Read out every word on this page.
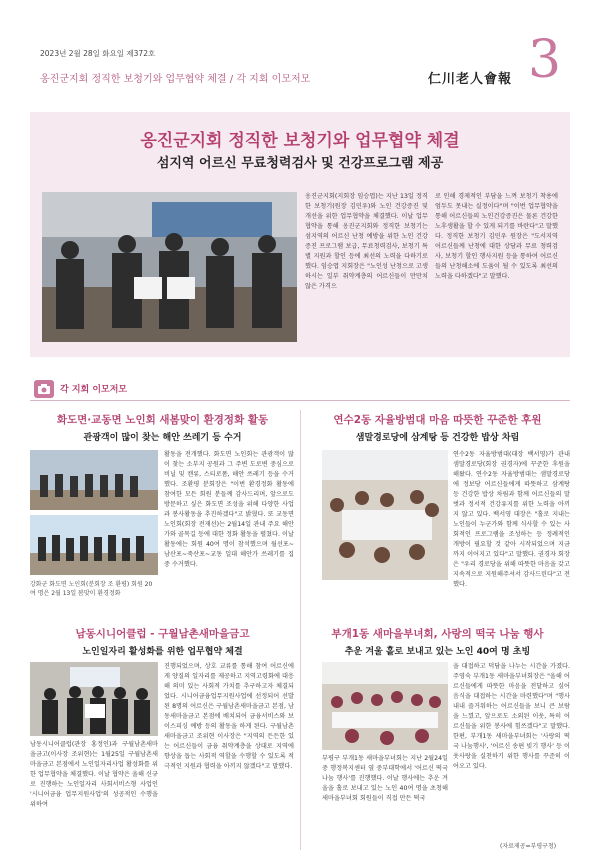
2023년 2월 28일 화요일 제372호
옹진군지회 정직한 보청기와 업무협약 체결 / 각 지회 이모저모	仁川老人會報 3
옹진군지회 정직한 보청기와 업무협약 체결
섬지역 어르신 무료청력검사 및 건강프로그램 제공
옹진군지회(지회장 임승엽)는 지난 13일 정직한 보청기(원장 김민우)와 노인 건강증진 및 개선을 위한 업무협약을 체결했다. 이날 업무협약을 통해 옹진군지회와 정직한 보청기는 섬지역의 어르신 난청 예방을 위한 노인 건강증진 프로그램 보급, 무료청력검사, 보청기 특별 지원과 할인 등에 최선의 노력을 다하기로 했다. 임승엽 지회장은 "노인성 난청으로 고생하시는 일부 취약계층의 어르신들이 만만치 않은 가격으
로 인해 경제적인 부담을 느껴 보청기 착용에 엄두도 못내는 실정이다"며 "이번 업무협약을 통해 어르신들의 노인건강증진은 물론 건강한 노후생활을 할 수 있게 되기를 바란다"고 말했다. 정직한 보청기 김민우 원장은 "도서지역 어르신들께 난청에 대한 상담과 무료 청력검사, 보청기 할인 행사지원 등을 통하여 어르신들의 난청해소에 도움이 될 수 있도록 최선의 노력을 다하겠다"고 말했다.
각 지회 이모저모
화도면·교동면 노인회 새봄맞이 환경정화 활동
관광객이 많이 찾는 해안 쓰레기 등 수거
강화군 화도면 노인회(분회장 조 환평) 회원 20여 명은 2월 13일 봄맞이 환경정화
활동을 전개했다. 화도면 노인회는 관광객이 많이 찾는 소부지 공원과 그 주변 도로변 중심으로 비닐 및 캔류, 스티로폼, 해안 쓰레기 등을 수거했다. 조환평 분회장은 "이번 환경정화 활동에 참여한 모든 회원 분들께 감사드리며, 앞으로도 방문하고 싶은 화도면 조성을 위해 다양한 사업과 봉사활동을 추진하겠다"고 밝혔다. 또 교동면 노인회(회장 전재선)는 2월14일 관내 주요 해안가와 골목길 등에 대한 정화 활동을 펼쳤다. 이날 활동에는 회원 40여 명이 참석했으며 월선포~남산포~죽산포~교동 일대 해안가 쓰레기를 집중 수거했다.
연수2동 자율방범대 마음 따뜻한 꾸준한 후원
샘말경로당에 삼계탕 등 건강한 밥상 차림
연수2동 자율방범대(대장 백서영)가 관내 샘말경로당(회장 권경자)에 꾸준한 후원을 해왔다. 연수2동 자율방범대는 샘말경로당에 정보당 어르신들에게 따뜻하고 삼계탕 등 건강한 밥상 차림과 함께 어르신들의 말벗과 정서적 건강유지를 위한 노력을 아끼지 않고 있다. 백서영 대장은 "홀로 지내는 노인들이 누군가와 함께 식사할 수 있는 사회적인 프로그램을 조성하는 등 정례적인 개방이 필요할 것 같아 시작되었으며 지금까지 이어지고 있다"고 말했다. 권경자 회장은 "우리 경로당을 위해 따뜻한 마음을 갖고 지속적으로 지원해주셔서 감사드린다"고 전했다.
남동시니어클럽 - 구월남촌새마을금고
노인일자리 활성화를 위한 업무협약 체결
남동시니어클럽(관장 홍정인)과 구월남촌새마을금고(이사장 조위현)는 1월25일 구월남촌새마을금고 본점에서 노인일자리사업 활성화를 위한 업무협약을 체결했다. 이날 협약은 올해 신규로 진행하는 노인일자리 사회서비스형 사업인 '시니어금융 업무지원사업'의 성공적인 수행을 위하여
진행되었으며, 상호 교류를 통해 참여 어르신에게 양질의 일자리를 제공하고 지역고령화에 대응해 의미 있는 사회적 가치를 추구하고자 체결되었다. 시니어금융업무지원사업에 선정되어 선발된 8명의 어르신은 구월남촌새마을금고 본점, 남동새마을금고 본점에 배치되어 금융서비스와 보이스피싱 예방 등의 활동을 하게 된다. 구월남촌새마을금고 조위현 이사장은 "지역의 든든한 있는 어르신들이 금융 취약계층을 상대로 지역에 향상을 돕는 사회적 역할을 수행할 수 있도록 적극적인 지원과 협력을 아끼지 않겠다"고 말했다.
부개1동 새마을부녀회, 사랑의 떡국 나눔 행사
추운 겨울 홀로 보내고 있는 노인 40여 명 초빙
부평구 부개1동 새마을부녀회는 지난 2월24일 중 행정복지센터 옆 중부대학에서 '어르신 떡국 나눔 행사'를 진행했다. 이날 행사에는 추운 겨울을 홀로 보내고 있는 노인 40여 명을 초청해 새마을부녀회 회원들이 직접 만든 떡국
을 대접하고 덕담을 나누는 시간을 가졌다. 주영숙 부개1동 새마을부녀회장은 "올해 어르신들에게 따뜻한 마음을 전달하고 싶어 음식을 대접하는 시간을 마련했다"며 "행사 내내 즐거워하는 어르신들을 보니 큰 보람을 느꼈고, 앞으로도 소외된 이웃, 특히 어르신들을 위한 봉사에 힘쓰겠다"고 말했다. 한편, 부개1동 새마을부녀회는 '사랑의 떡국 나눔행사', '어르신 송편 빚기 행사' 등 이웃사랑을 실천하기 위한 행사를 꾸준히 이어오고 있다.
(자료제공=부평구청)
